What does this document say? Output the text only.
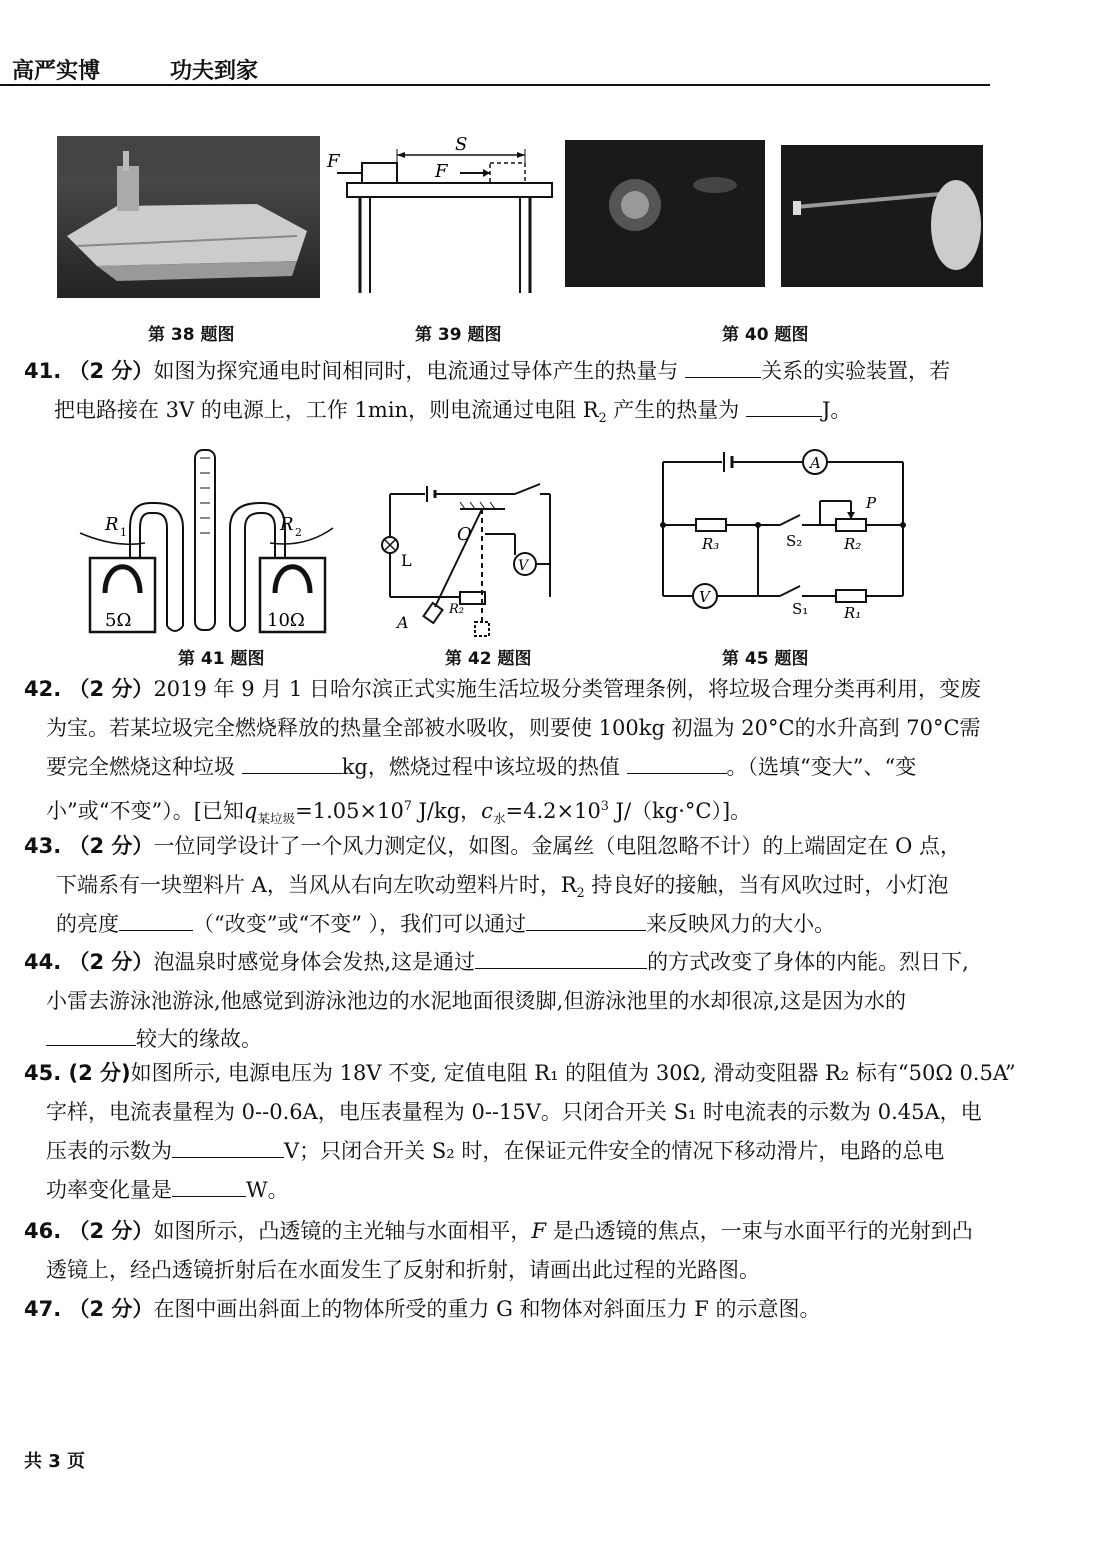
高严实博	功夫到家
S
F	F
第 38 题图	第 39 题图	第 40 题图
41. （2 分）如图为探究通电时间相同时，电流通过导体产生的热量与	关系的实验装置，若
把电路接在 3V 的电源上，工作 1min，则电流通过电阻 $R_2$ 产生的热量为	J。
R 1	R 2
5Ω	10Ω
V
O
L
A
R₂
A
V
P
R₃	S₂	R₂
S₁ R₁
第 41 题图	第 42 题图	第 45 题图
42. （2 分）2019 年 9 月 1 日哈尔滨正式实施生活垃圾分类管理条例，将垃圾合理分类再利用，变废
为宝。若某垃圾完全燃烧释放的热量全部被水吸收，则要使 100kg 初温为 20°C的水升高到 70°C需
要完全燃烧这种垃圾	kg，燃烧过程中该垃圾的热值	。（选填“变大”、“变
小”或“不变”）。[已知$q_{某垃圾}=1.05\times 10^7$ J/kg，$c_水=4.2\times 10^3$ J/（kg·°C）]。
43. （2 分）一位同学设计了一个风力测定仪，如图。金属丝（电阻忽略不计）的上端固定在 O 点，
下端系有一块塑料片 A，当风从右向左吹动塑料片时，$R_2$ 持良好的接触，当有风吹过时，小灯泡
的亮度	（“改变”或“不变” ），我们可以通过	来反映风力的大小。
44. （2 分）泡温泉时感觉身体会发热,这是通过	的方式改变了身体的内能。烈日下,
小雷去游泳池游泳,他感觉到游泳池边的水泥地面很烫脚,但游泳池里的水却很凉,这是因为水的
较大的缘故。
45. (2 分)如图所示, 电源电压为 18V 不变, 定值电阻 R₁ 的阻值为 30Ω, 滑动变阻器 R₂ 标有“50Ω 0.5A”
字样，电流表量程为 0--0.6A，电压表量程为 0--15V。只闭合开关 S₁ 时电流表的示数为 0.45A，电
压表的示数为	V；只闭合开关 S₂ 时，在保证元件安全的情况下移动滑片，电路的总电
功率变化量是	W。
46. （2 分）如图所示，凸透镜的主光轴与水面相平，F 是凸透镜的焦点，一束与水面平行的光射到凸
透镜上，经凸透镜折射后在水面发生了反射和折射，请画出此过程的光路图。
47. （2 分）在图中画出斜面上的物体所受的重力 G 和物体对斜面压力 F 的示意图。
共 3 页
